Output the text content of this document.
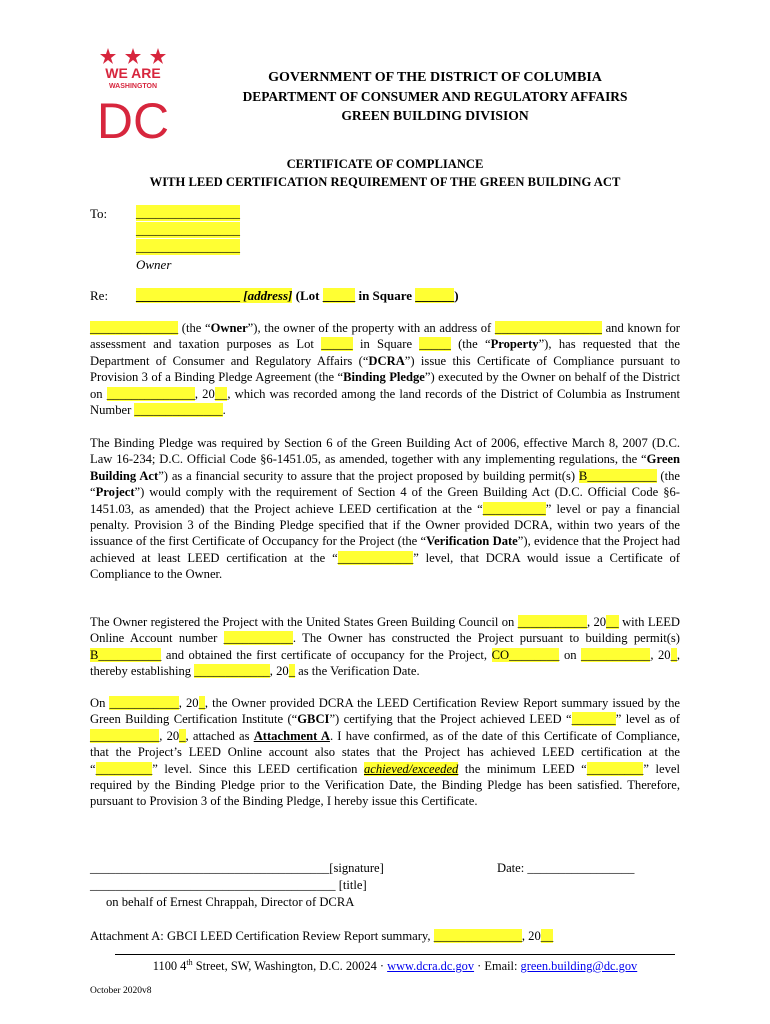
WE ARE
WASHINGTON
DC
GOVERNMENT OF THE DISTRICT OF COLUMBIA
DEPARTMENT OF CONSUMER AND REGULATORY AFFAIRS
GREEN BUILDING DIVISION
CERTIFICATE OF COMPLIANCE
WITH LEED CERTIFICATION REQUIREMENT OF THE GREEN BUILDING ACT
To: ________________
________________
________________
Owner
Re: ________________ [address] (Lot _____ in Square ______)

______________ (the “Owner”), the owner of the property with an address of _________________ and known for assessment and taxation purposes as Lot _____ in Square _____ (the “Property”), has requested that the Department of Consumer and Regulatory Affairs (“DCRA”) issue this Certificate of Compliance pursuant to Provision 3 of a Binding Pledge Agreement (the “Binding Pledge”) executed by the Owner on behalf of the District on ______________, 20__, which was recorded among the land records of the District of Columbia as Instrument Number ______________.

The Binding Pledge was required by Section 6 of the Green Building Act of 2006, effective March 8, 2007 (D.C. Law 16-234; D.C. Official Code §6-1451.05, as amended, together with any implementing regulations, the “Green Building Act”) as a financial security to assure that the project proposed by building permit(s) B___________ (the “Project”) would comply with the requirement of Section 4 of the Green Building Act (D.C. Official Code §6-1451.03, as amended) that the Project achieve LEED certification at the “__________” level or pay a financial penalty. Provision 3 of the Binding Pledge specified that if the Owner provided DCRA, within two years of the issuance of the first Certificate of Occupancy for the Project (the “Verification Date”), evidence that the Project had achieved at least LEED certification at the “____________” level, that DCRA would issue a Certificate of Compliance to the Owner.

The Owner registered the Project with the United States Green Building Council on ___________, 20__ with LEED Online Account number ___________. The Owner has constructed the Project pursuant to building permit(s) B__________ and obtained the first certificate of occupancy for the Project, CO________ on ___________, 20_, thereby establishing ____________, 20_ as the Verification Date.

On ___________, 20_, the Owner provided DCRA the LEED Certification Review Report summary issued by the Green Building Certification Institute (“GBCI”) certifying that the Project achieved LEED “_______” level as of ___________, 20_, attached as Attachment A. I have confirmed, as of the date of this Certificate of Compliance, that the Project’s LEED Online account also states that the Project has achieved LEED certification at the “_________” level. Since this LEED certification achieved/exceeded the minimum LEED “_________” level required by the Binding Pledge prior to the Verification Date, the Binding Pledge has been satisfied. Therefore, pursuant to Provision 3 of the Binding Pledge, I hereby issue this Certificate.

______________________________________[signature]	Date: _________________
_______________________________________ [title]
on behalf of Ernest Chrappah, Director of DCRA
Attachment A: GBCI LEED Certification Review Report summary, ______________, 20__
1100 4th Street, SW, Washington, D.C. 20024 · www.dcra.dc.gov · Email: green.building@dc.gov
October 2020v8
